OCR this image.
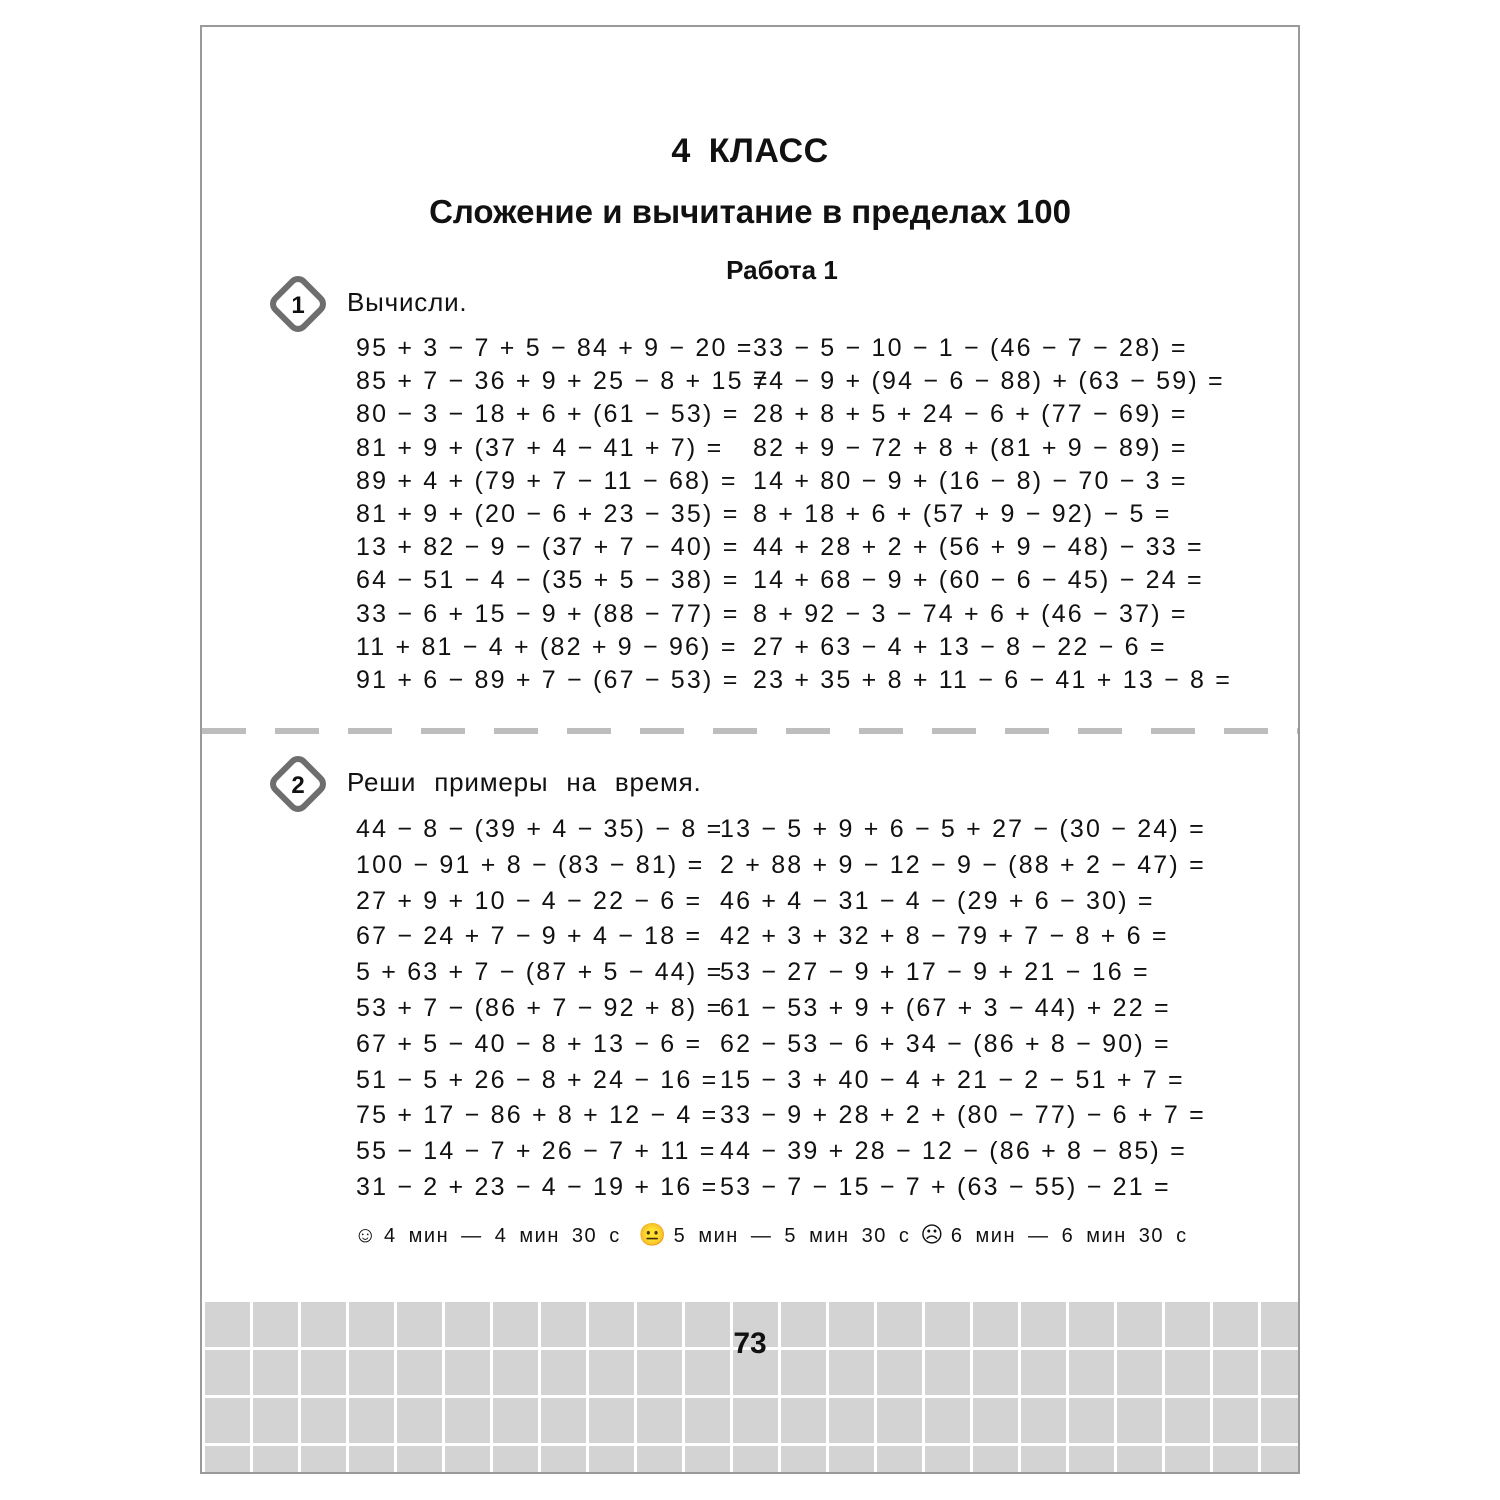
4 КЛАСС
Сложение и вычитание в пределах 100
Работа 1
1 Вычисли.
95 + 3 − 7 + 5 − 84 + 9 − 20 =
85 + 7 − 36 + 9 + 25 − 8 + 15 =
80 − 3 − 18 + 6 + (61 − 53) =
81 + 9 + (37 + 4 − 41 + 7) =
89 + 4 + (79 + 7 − 11 − 68) =
81 + 9 + (20 − 6 + 23 − 35) =
13 + 82 − 9 − (37 + 7 − 40) =
64 − 51 − 4 − (35 + 5 − 38) =
33 − 6 + 15 − 9 + (88 − 77) =
11 + 81 − 4 + (82 + 9 − 96) =
91 + 6 − 89 + 7 − (67 − 53) =
33 − 5 − 10 − 1 − (46 − 7 − 28) =
74 − 9 + (94 − 6 − 88) + (63 − 59) =
28 + 8 + 5 + 24 − 6 + (77 − 69) =
82 + 9 − 72 + 8 + (81 + 9 − 89) =
14 + 80 − 9 + (16 − 8) − 70 − 3 =
8 + 18 + 6 + (57 + 9 − 92) − 5 =
44 + 28 + 2 + (56 + 9 − 48) − 33 =
14 + 68 − 9 + (60 − 6 − 45) − 24 =
8 + 92 − 3 − 74 + 6 + (46 − 37) =
27 + 63 − 4 + 13 − 8 − 22 − 6 =
23 + 35 + 8 + 11 − 6 − 41 + 13 − 8 =
2 Реши примеры на время.
44 − 8 − (39 + 4 − 35) − 8 =
100 − 91 + 8 − (83 − 81) =
27 + 9 + 10 − 4 − 22 − 6 =
67 − 24 + 7 − 9 + 4 − 18 =
5 + 63 + 7 − (87 + 5 − 44) =
53 + 7 − (86 + 7 − 92 + 8) =
67 + 5 − 40 − 8 + 13 − 6 =
51 − 5 + 26 − 8 + 24 − 16 =
75 + 17 − 86 + 8 + 12 − 4 =
55 − 14 − 7 + 26 − 7 + 11 =
31 − 2 + 23 − 4 − 19 + 16 =
13 − 5 + 9 + 6 − 5 + 27 − (30 − 24) =
2 + 88 + 9 − 12 − 9 − (88 + 2 − 47) =
46 + 4 − 31 − 4 − (29 + 6 − 30) =
42 + 3 + 32 + 8 − 79 + 7 − 8 + 6 =
53 − 27 − 9 + 17 − 9 + 21 − 16 =
61 − 53 + 9 + (67 + 3 − 44) + 22 =
62 − 53 − 6 + 34 − (86 + 8 − 90) =
15 − 3 + 40 − 4 + 21 − 2 − 51 + 7 =
33 − 9 + 28 + 2 + (80 − 77) − 6 + 7 =
44 − 39 + 28 − 12 − (86 + 8 − 85) =
53 − 7 − 15 − 7 + (63 − 55) − 21 =
☺ 4 мин — 4 мин 30 с 😐 5 мин — 5 мин 30 с ☹ 6 мин — 6 мин 30 с
73
